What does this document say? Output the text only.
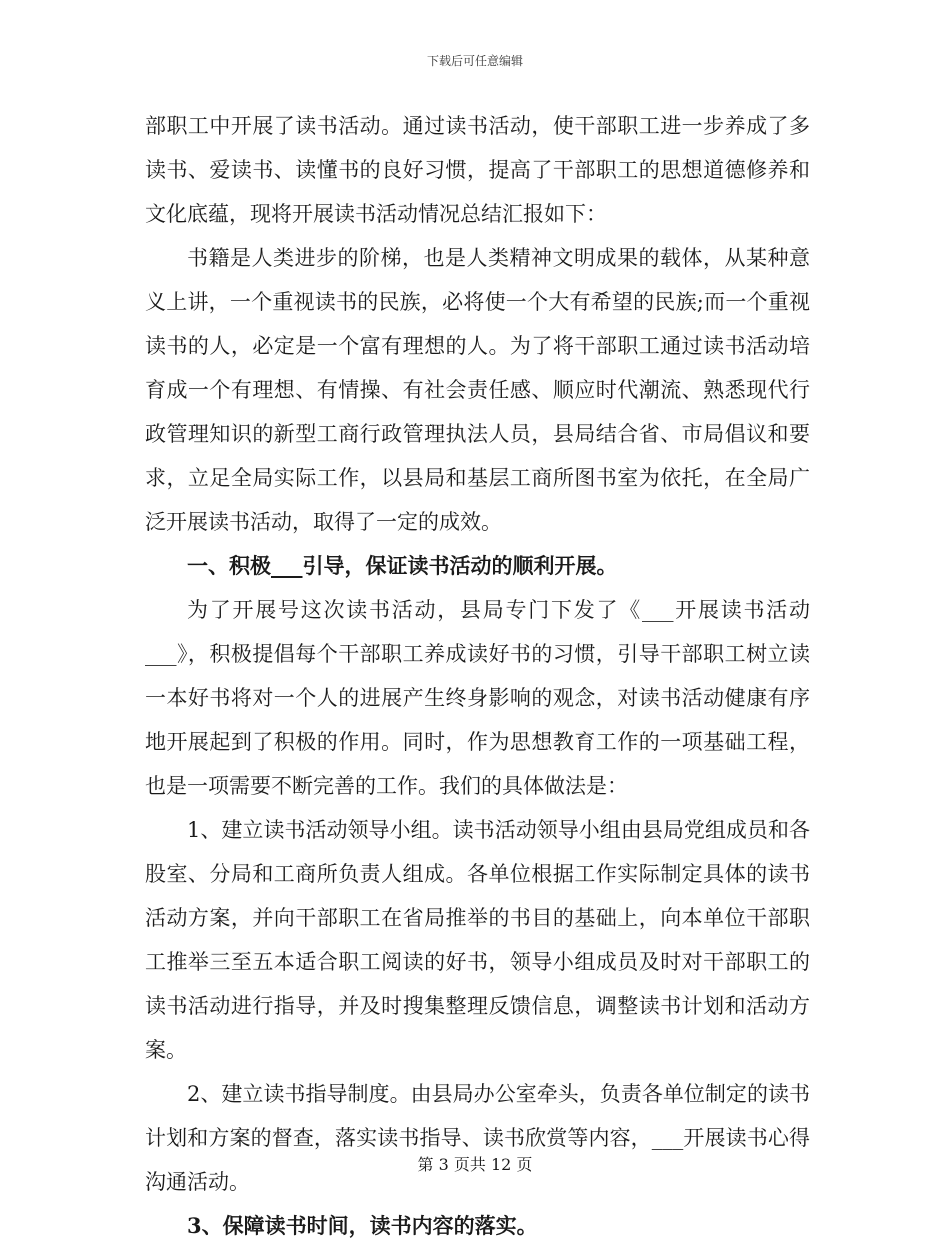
下载后可任意编辑

部职工中开展了读书活动。通过读书活动，使干部职工进一步养成了多读书、爱读书、读懂书的良好习惯，提高了干部职工的思想道德修养和文化底蕴，现将开展读书活动情况总结汇报如下：

书籍是人类进步的阶梯，也是人类精神文明成果的载体，从某种意义上讲，一个重视读书的民族，必将使一个大有希望的民族;而一个重视读书的人，必定是一个富有理想的人。为了将干部职工通过读书活动培育成一个有理想、有情操、有社会责任感、顺应时代潮流、熟悉现代行政管理知识的新型工商行政管理执法人员，县局结合省、市局倡议和要求，立足全局实际工作，以县局和基层工商所图书室为依托，在全局广泛开展读书活动，取得了一定的成效。

一、积极___引导，保证读书活动的顺利开展。

为了开展号这次读书活动，县局专门下发了《___开展读书活动___》，积极提倡每个干部职工养成读好书的习惯，引导干部职工树立读一本好书将对一个人的进展产生终身影响的观念，对读书活动健康有序地开展起到了积极的作用。同时，作为思想教育工作的一项基础工程，也是一项需要不断完善的工作。我们的具体做法是：

1、建立读书活动领导小组。读书活动领导小组由县局党组成员和各股室、分局和工商所负责人组成。各单位根据工作实际制定具体的读书活动方案，并向干部职工在省局推举的书目的基础上，向本单位干部职工推举三至五本适合职工阅读的好书，领导小组成员及时对干部职工的读书活动进行指导，并及时搜集整理反馈信息，调整读书计划和活动方案。

2、建立读书指导制度。由县局办公室牵头，负责各单位制定的读书计划和方案的督查，落实读书指导、读书欣赏等内容，___开展读书心得沟通活动。

3、保障读书时间，读书内容的落实。

第 3 页共 12 页
